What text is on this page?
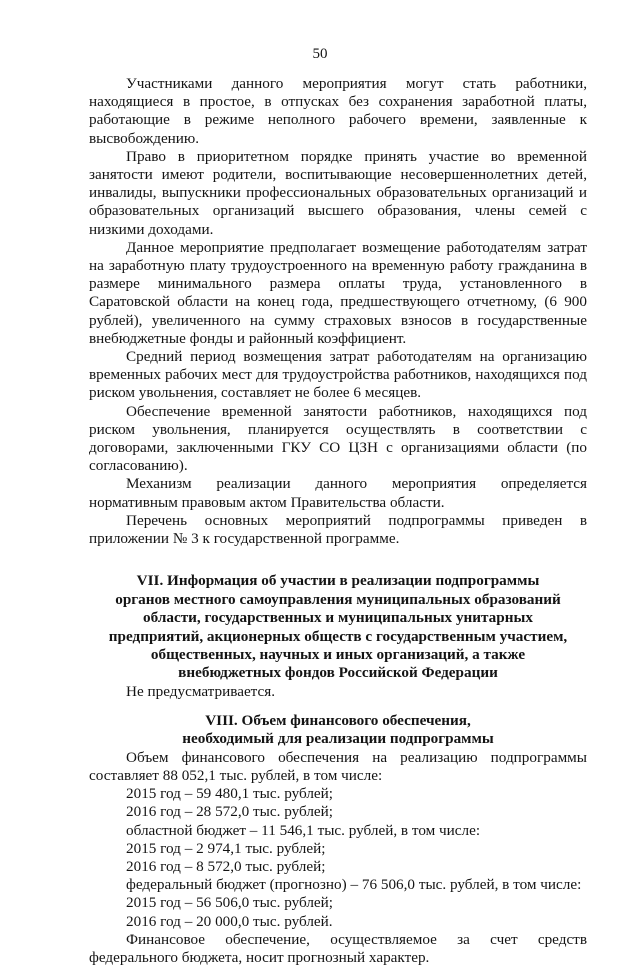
50

Участниками данного мероприятия могут стать работники, находящиеся в простое, в отпусках без сохранения заработной платы, работающие в режиме неполного рабочего времени, заявленные к высвобождению.

Право в приоритетном порядке принять участие во временной занятости имеют родители, воспитывающие несовершеннолетних детей, инвалиды, выпускники профессиональных образовательных организаций и образовательных организаций высшего образования, члены семей с низкими доходами.

Данное мероприятие предполагает возмещение работодателям затрат на заработную плату трудоустроенного на временную работу гражданина в размере минимального размера оплаты труда, установленного в Саратовской области на конец года, предшествующего отчетному, (6 900 рублей), увеличенного на сумму страховых взносов в государственные внебюджетные фонды и районный коэффициент.

Средний период возмещения затрат работодателям на организацию временных рабочих мест для трудоустройства работников, находящихся под риском увольнения, составляет не более 6 месяцев.

Обеспечение временной занятости работников, находящихся под риском увольнения, планируется осуществлять в соответствии с договорами, заключенными ГКУ СО ЦЗН с организациями области (по согласованию).

Механизм реализации данного мероприятия определяется нормативным правовым актом Правительства области.

Перечень основных мероприятий подпрограммы приведен в приложении № 3 к государственной программе.

VII. Информация об участии в реализации подпрограммы
органов местного самоуправления муниципальных образований
области, государственных и муниципальных унитарных
предприятий, акционерных обществ с государственным участием,
общественных, научных и иных организаций, а также
внебюджетных фондов Российской Федерации

Не предусматривается.

VIII. Объем финансового обеспечения,
необходимый для реализации подпрограммы

Объем финансового обеспечения на реализацию подпрограммы составляет 88 052,1 тыс. рублей, в том числе:

2015 год – 59 480,1 тыс. рублей;

2016 год – 28 572,0 тыс. рублей;

областной бюджет – 11 546,1 тыс. рублей, в том числе:

2015 год – 2 974,1 тыс. рублей;

2016 год – 8 572,0 тыс. рублей;

федеральный бюджет (прогнозно) – 76 506,0 тыс. рублей, в том числе:

2015 год – 56 506,0 тыс. рублей;

2016 год – 20 000,0 тыс. рублей.

Финансовое обеспечение, осуществляемое за счет средств федерального бюджета, носит прогнозный характер.
